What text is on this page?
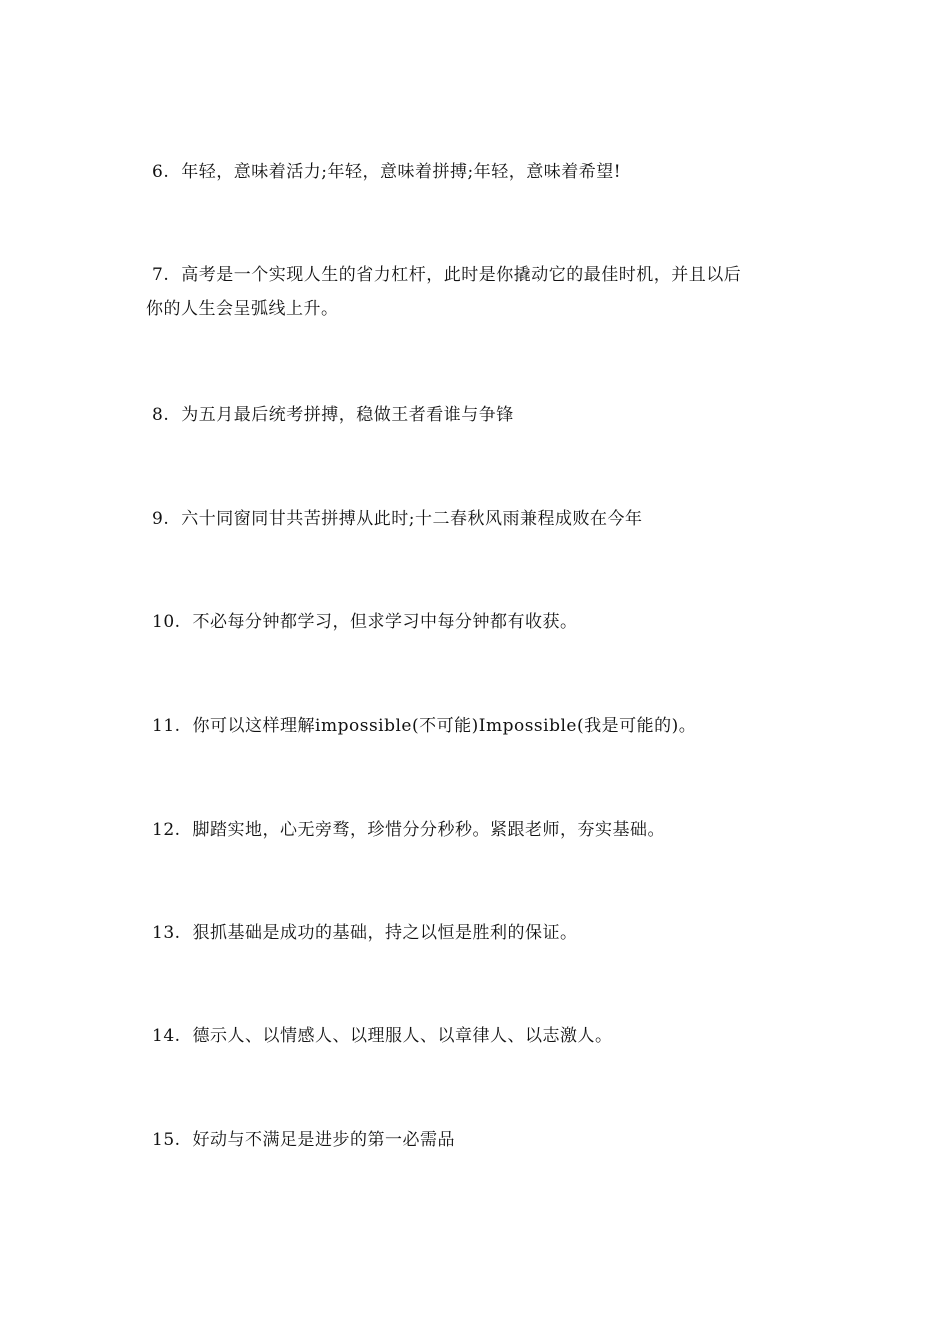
6. 年轻，意味着活力;年轻，意味着拼搏;年轻，意味着希望!
7. 高考是一个实现人生的省力杠杆，此时是你撬动它的最佳时机，并且以后
你的人生会呈弧线上升。
8. 为五月最后统考拼搏，稳做王者看谁与争锋
9. 六十同窗同甘共苦拼搏从此时;十二春秋风雨兼程成败在今年
10. 不必每分钟都学习，但求学习中每分钟都有收获。
11. 你可以这样理解impossible(不可能)Impossible(我是可能的)。
12. 脚踏实地，心无旁骛，珍惜分分秒秒。紧跟老师，夯实基础。
13. 狠抓基础是成功的基础，持之以恒是胜利的保证。
14. 德示人、以情感人、以理服人、以章律人、以志激人。
15. 好动与不满足是进步的第一必需品
